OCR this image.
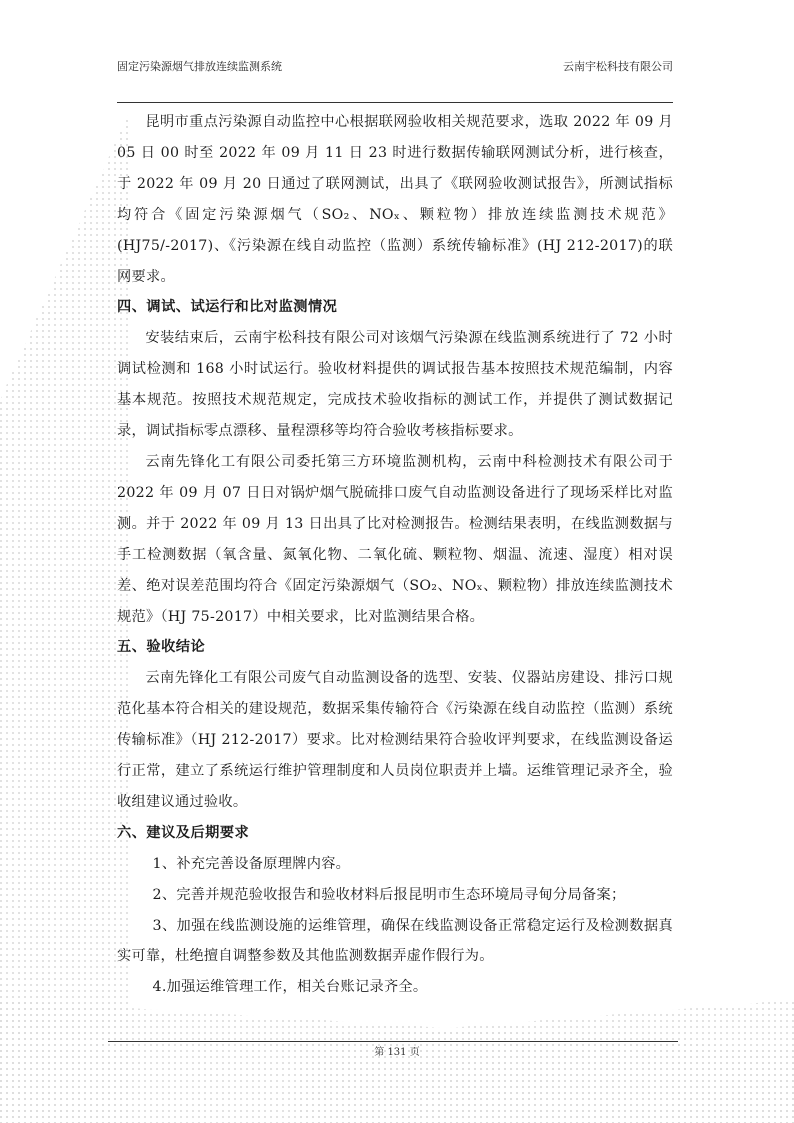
固定污染源烟气排放连续监测系统	云南宇松科技有限公司

昆明市重点污染源自动监控中心根据联网验收相关规范要求，选取 2022 年 09 月 05 日 00 时至 2022 年 09 月 11 日 23 时进行数据传输联网测试分析，进行核查，于 2022 年 09 月 20 日通过了联网测试，出具了《联网验收测试报告》，所测试指标均符合《固定污染源烟气（SO₂、NOₓ、颗粒物）排放连续监测技术规范》(HJ75/-2017)、《污染源在线自动监控（监测）系统传输标准》(HJ 212-2017)的联网要求。

四、调试、试运行和比对监测情况

安装结束后，云南宇松科技有限公司对该烟气污染源在线监测系统进行了 72 小时调试检测和 168 小时试运行。验收材料提供的调试报告基本按照技术规范编制，内容基本规范。按照技术规范规定，完成技术验收指标的测试工作，并提供了测试数据记录，调试指标零点漂移、量程漂移等均符合验收考核指标要求。

云南先锋化工有限公司委托第三方环境监测机构，云南中科检测技术有限公司于 2022 年 09 月 07 日日对锅炉烟气脱硫排口废气自动监测设备进行了现场采样比对监测。并于 2022 年 09 月 13 日出具了比对检测报告。检测结果表明，在线监测数据与手工检测数据（氧含量、氮氧化物、二氧化硫、颗粒物、烟温、流速、湿度）相对误差、绝对误差范围均符合《固定污染源烟气（SO₂、NOₓ、颗粒物）排放连续监测技术规范》（HJ 75-2017）中相关要求，比对监测结果合格。

五、验收结论

云南先锋化工有限公司废气自动监测设备的选型、安装、仪器站房建设、排污口规范化基本符合相关的建设规范，数据采集传输符合《污染源在线自动监控（监测）系统传输标准》（HJ 212-2017）要求。比对检测结果符合验收评判要求，在线监测设备运行正常，建立了系统运行维护管理制度和人员岗位职责并上墙。运维管理记录齐全，验收组建议通过验收。

六、建议及后期要求

1、补充完善设备原理牌内容。

2、完善并规范验收报告和验收材料后报昆明市生态环境局寻甸分局备案；

3、加强在线监测设施的运维管理，确保在线监测设备正常稳定运行及检测数据真实可靠，杜绝擅自调整参数及其他监测数据弄虚作假行为。

4.加强运维管理工作，相关台账记录齐全。

第 131 页
